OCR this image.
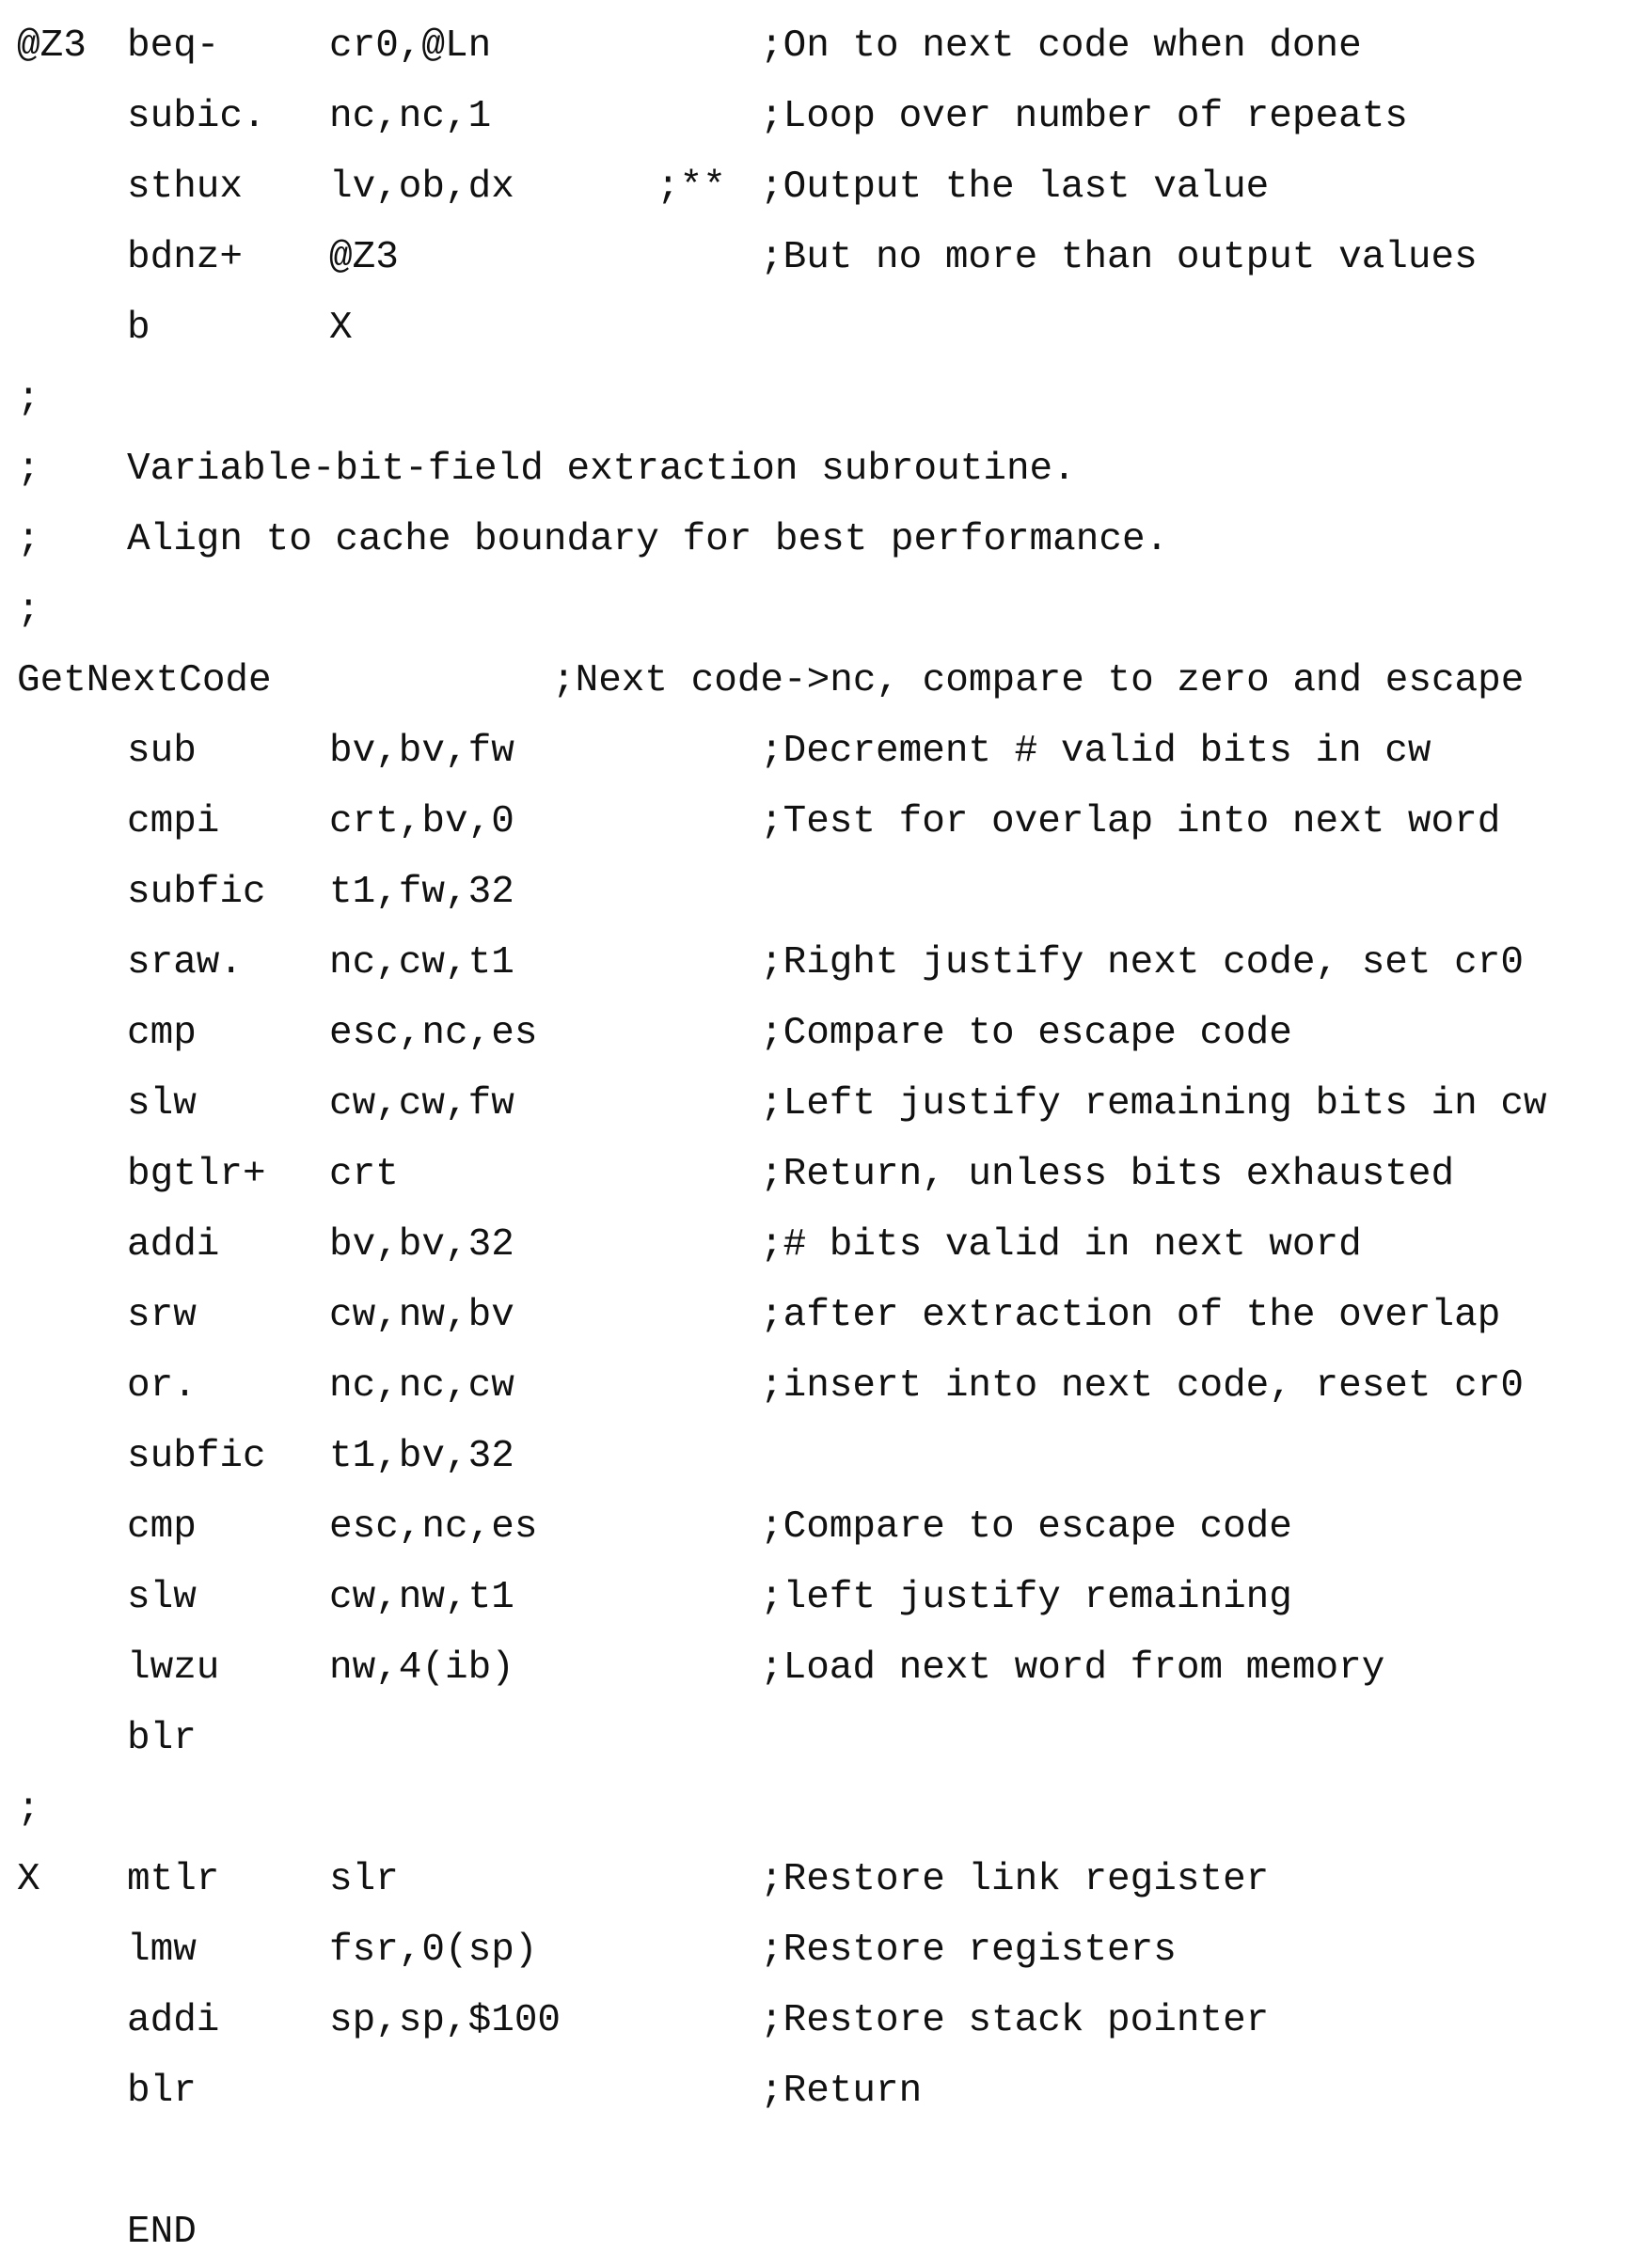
@Z3 beq-	cr0,@Ln	;On to next code when done
subic. nc,nc,1	;Loop over number of repeats
sthux lv,ob,dx	;** ;Output the last value
bdnz+ @Z3	;But no more than output values
b	X
;
; Variable-bit-field extraction subroutine.
; Align to cache boundary for best performance.
;
GetNextCode	;Next code->nc, compare to zero and escape
sub	bv,bv,fw	;Decrement # valid bits in cw
cmpi	crt,bv,0	;Test for overlap into next word
subfic t1,fw,32
sraw. nc,cw,t1	;Right justify next code, set cr0
cmp	esc,nc,es	;Compare to escape code
slw	cw,cw,fw	;Left justify remaining bits in cw
bgtlr+ crt	;Return, unless bits exhausted
addi	bv,bv,32	;# bits valid in next word
srw	cw,nw,bv	;after extraction of the overlap
or.	nc,nc,cw	;insert into next code, reset cr0
subfic t1,bv,32
cmp	esc,nc,es	;Compare to escape code
slw	cw,nw,t1	;left justify remaining
lwzu	nw,4(ib)	;Load next word from memory
blr
;
X mtlr	slr	;Restore link register
lmw	fsr,0(sp)	;Restore registers
addi	sp,sp,$100	;Restore stack pointer
blr	;Return
END
